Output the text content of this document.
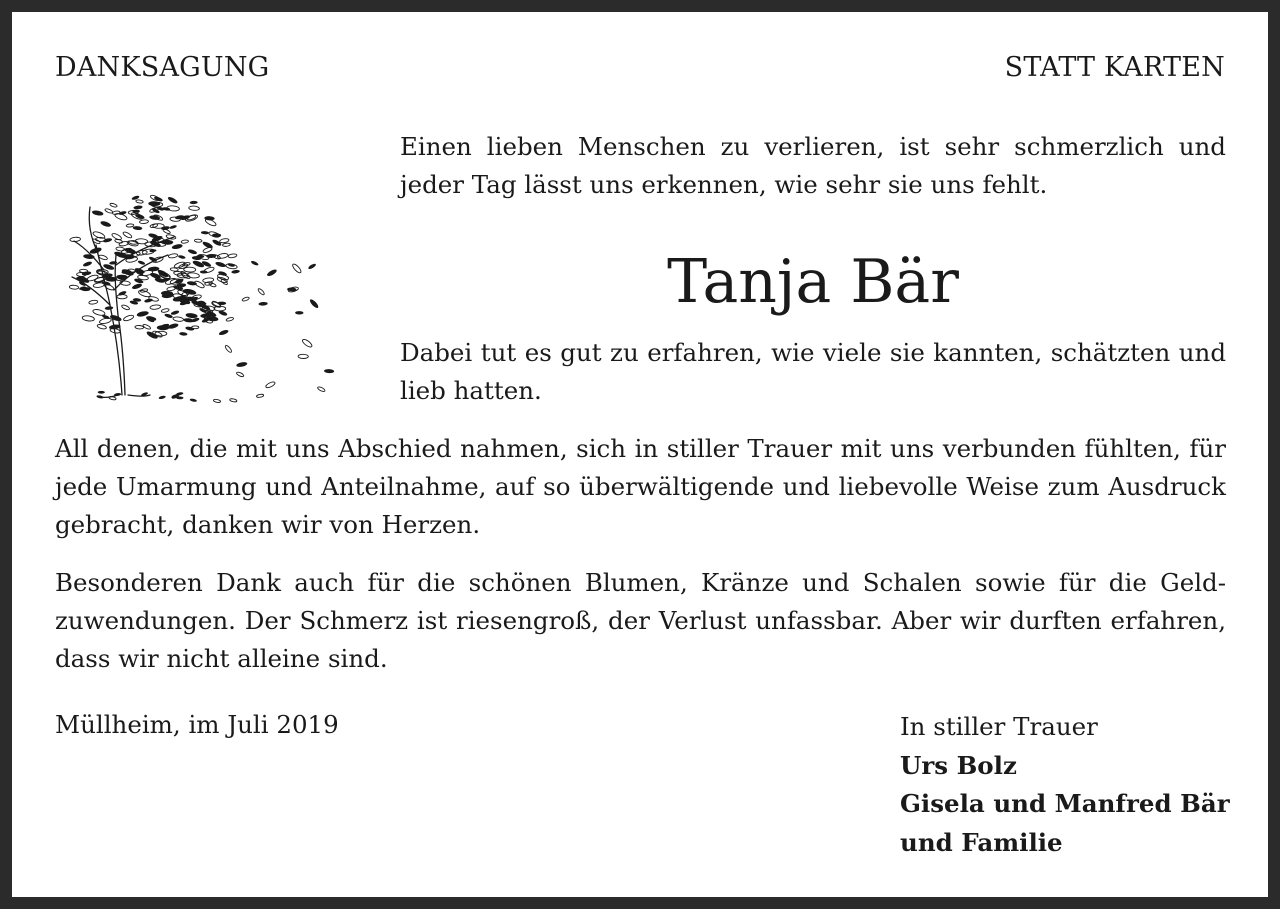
DANKSAGUNG	STATT KARTEN
Einen lieben Menschen zu verlieren, ist sehr schmerzlich und jeder Tag lässt uns erkennen, wie sehr sie uns fehlt.
Tanja Bär
Dabei tut es gut zu erfahren, wie viele sie kannten, schätzten und lieb hatten.
All denen, die mit uns Abschied nahmen, sich in stiller Trauer mit uns verbunden fühlten, für jede Umarmung und Anteilnahme, auf so überwältigende und liebevolle Weise zum Ausdruck gebracht, danken wir von Herzen.
Besonderen Dank auch für die schönen Blumen, Kränze und Schalen sowie für die Geld-zuwendungen. Der Schmerz ist riesengroß, der Verlust unfassbar. Aber wir durften erfahren, dass wir nicht alleine sind.
Müllheim, im Juli 2019	In stiller Trauer
Urs Bolz
Gisela und Manfred Bär
und Familie
